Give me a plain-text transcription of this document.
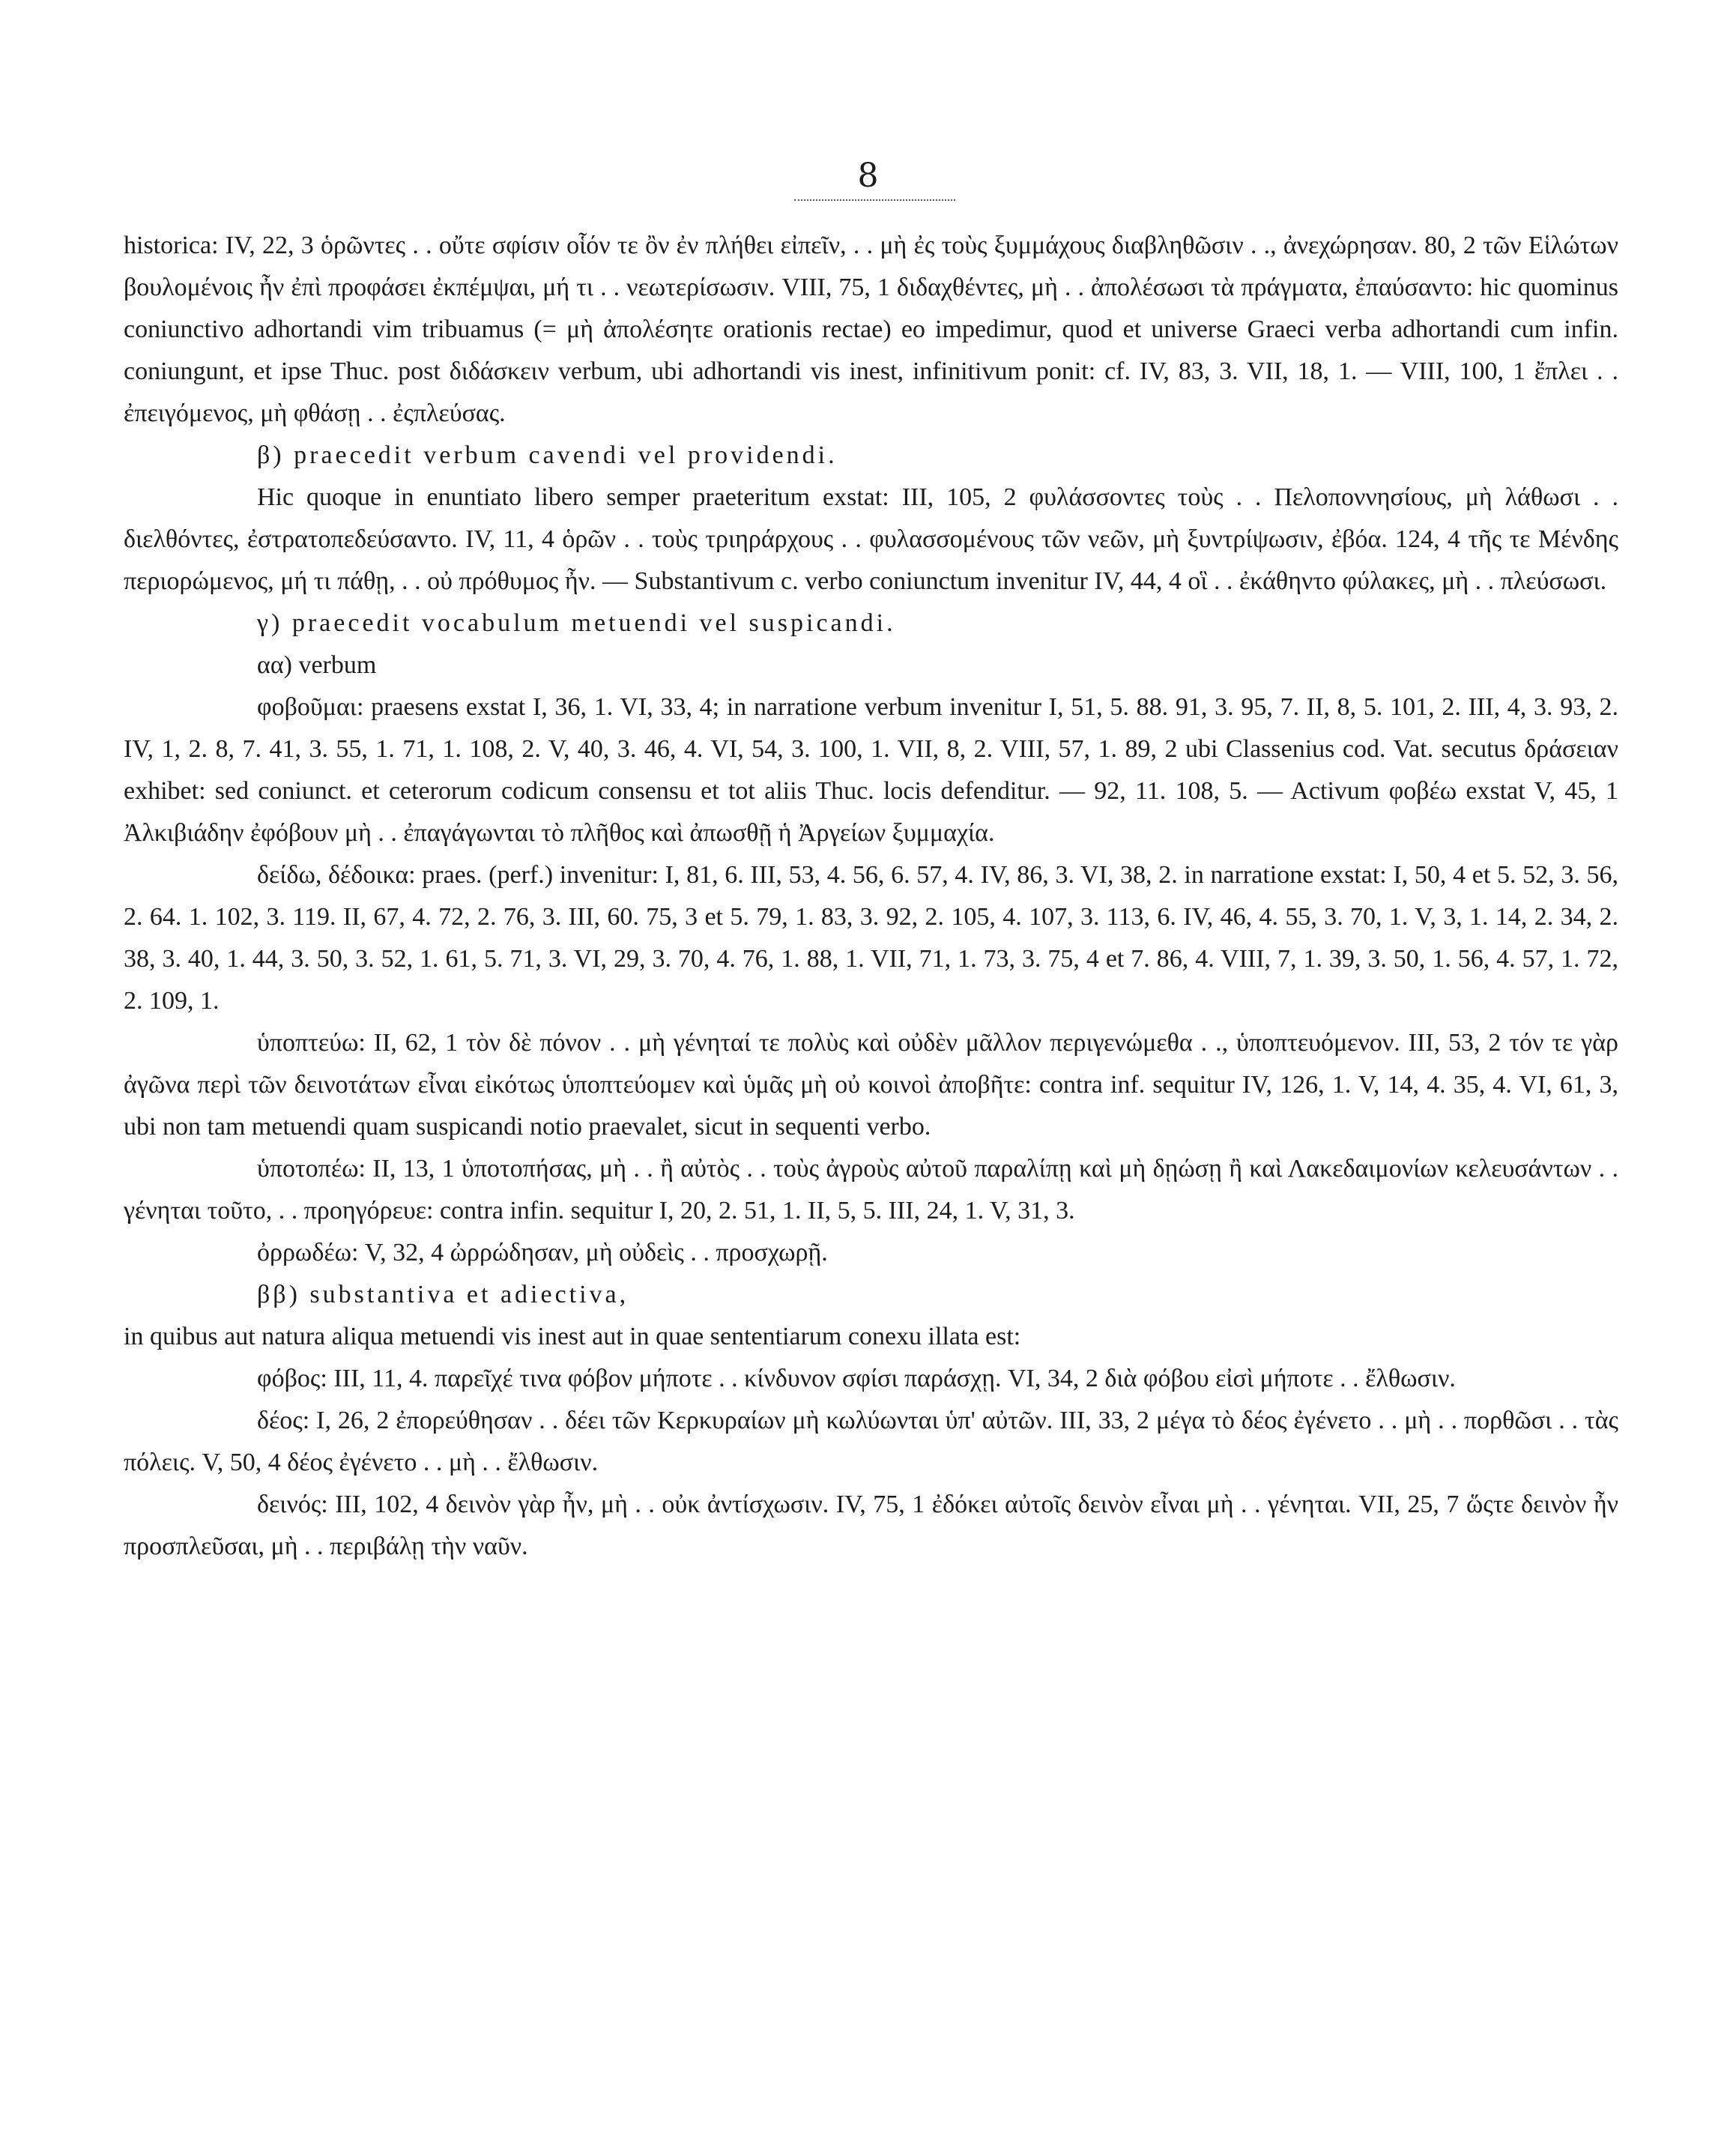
8

historica: IV, 22, 3 ὁρῶντες . . οὔτε σφίσιν οἷόν τε ὂν ἐν πλήθει εἰπεῖν, . . μὴ ἐς τοὺς ξυμμάχους διαβληθῶσιν . ., ἀνεχώρησαν. 80, 2 τῶν Εἱλώτων βουλομένοις ἦν ἐπὶ προφάσει ἐκπέμψαι, μή τι . . νεωτερίσωσιν. VIII, 75, 1 διδαχθέντες, μὴ . . ἀπολέσωσι τὰ πράγματα, ἐπαύσαντο: hic quominus coniunctivo adhortandi vim tribuamus (= μὴ ἀπολέσητε orationis rectae) eo impedimur, quod et universe Graeci verba adhortandi cum infin. coniungunt, et ipse Thuc. post διδάσκειν verbum, ubi adhortandi vis inest, infinitivum ponit: cf. IV, 83, 3. VII, 18, 1. — VIII, 100, 1 ἔπλει . . ἐπειγόμενος, μὴ φθάσῃ . . ἐςπλεύσας.

β) praecedit verbum cavendi vel providendi.

Hic quoque in enuntiato libero semper praeteritum exstat: III, 105, 2 φυλάσσοντες τοὺς . . Πελοποννησίους, μὴ λάθωσι . . διελθόντες, ἐστρατοπεδεύσαντο. IV, 11, 4 ὁρῶν . . τοὺς τριηράρχους . . φυλασσομένους τῶν νεῶν, μὴ ξυντρίψωσιν, ἐβόα. 124, 4 τῆς τε Μένδης περιορώμενος, μή τι πάθῃ, . . οὐ πρόθυμος ἦν. — Substantivum c. verbo coniunctum invenitur IV, 44, 4 οἳ . . ἐκάθηντο φύλακες, μὴ . . πλεύσωσι.

γ) praecedit vocabulum metuendi vel suspicandi.

αα) verbum

φοβοῦμαι: praesens exstat I, 36, 1. VI, 33, 4; in narratione verbum invenitur I, 51, 5. 88. 91, 3. 95, 7. II, 8, 5. 101, 2. III, 4, 3. 93, 2. IV, 1, 2. 8, 7. 41, 3. 55, 1. 71, 1. 108, 2. V, 40, 3. 46, 4. VI, 54, 3. 100, 1. VII, 8, 2. VIII, 57, 1. 89, 2 ubi Classenius cod. Vat. secutus δράσειαν exhibet: sed coniunct. et ceterorum codicum consensu et tot aliis Thuc. locis defenditur. — 92, 11. 108, 5. — Activum φοβέω exstat V, 45, 1 Ἀλκιβιάδην ἐφόβουν μὴ . . ἐπαγάγωνται τὸ πλῆθος καὶ ἀπωσθῇ ἡ Ἀργείων ξυμμαχία.

δείδω, δέδοικα: praes. (perf.) invenitur: I, 81, 6. III, 53, 4. 56, 6. 57, 4. IV, 86, 3. VI, 38, 2. in narratione exstat: I, 50, 4 et 5. 52, 3. 56, 2. 64. 1. 102, 3. 119. II, 67, 4. 72, 2. 76, 3. III, 60. 75, 3 et 5. 79, 1. 83, 3. 92, 2. 105, 4. 107, 3. 113, 6. IV, 46, 4. 55, 3. 70, 1. V, 3, 1. 14, 2. 34, 2. 38, 3. 40, 1. 44, 3. 50, 3. 52, 1. 61, 5. 71, 3. VI, 29, 3. 70, 4. 76, 1. 88, 1. VII, 71, 1. 73, 3. 75, 4 et 7. 86, 4. VIII, 7, 1. 39, 3. 50, 1. 56, 4. 57, 1. 72, 2. 109, 1.

ὑποπτεύω: II, 62, 1 τὸν δὲ πόνον . . μὴ γένηταί τε πολὺς καὶ οὐδὲν μᾶλλον περιγενώμεθα . ., ὑποπτευόμενον. III, 53, 2 τόν τε γὰρ ἀγῶνα περὶ τῶν δεινοτάτων εἶναι εἰκότως ὑποπτεύομεν καὶ ὑμᾶς μὴ οὐ κοινοὶ ἀποβῆτε: contra inf. sequitur IV, 126, 1. V, 14, 4. 35, 4. VI, 61, 3, ubi non tam metuendi quam suspicandi notio praevalet, sicut in sequenti verbo.

ὑποτοπέω: II, 13, 1 ὑποτοπήσας, μὴ . . ἢ αὐτὸς . . τοὺς ἀγροὺς αὐτοῦ παραλίπῃ καὶ μὴ δῃώσῃ ἢ καὶ Λακεδαιμονίων κελευσάντων . . γένηται τοῦτο, . . προηγόρευε: contra infin. sequitur I, 20, 2. 51, 1. II, 5, 5. III, 24, 1. V, 31, 3.

ὀρρωδέω: V, 32, 4 ὠρρώδησαν, μὴ οὐδεὶς . . προσχωρῇ.

ββ) substantiva et adiectiva,

in quibus aut natura aliqua metuendi vis inest aut in quae sententiarum conexu illata est:

φόβος: III, 11, 4. παρεῖχέ τινα φόβον μήποτε . . κίνδυνον σφίσι παράσχῃ. VI, 34, 2 διὰ φόβου εἰσὶ μήποτε . . ἔλθωσιν.

δέος: I, 26, 2 ἐπορεύθησαν . . δέει τῶν Κερκυραίων μὴ κωλύωνται ὑπ' αὐτῶν. III, 33, 2 μέγα τὸ δέος ἐγένετο . . μὴ . . πορθῶσι . . τὰς πόλεις. V, 50, 4 δέος ἐγένετο . . μὴ . . ἔλθωσιν.

δεινός: III, 102, 4 δεινὸν γὰρ ἦν, μὴ . . οὐκ ἀντίσχωσιν. IV, 75, 1 ἐδόκει αὐτοῖς δεινὸν εἶναι μὴ . . γένηται. VII, 25, 7 ὥςτε δεινὸν ἦν προσπλεῦσαι, μὴ . . περιβάλῃ τὴν ναῦν.
